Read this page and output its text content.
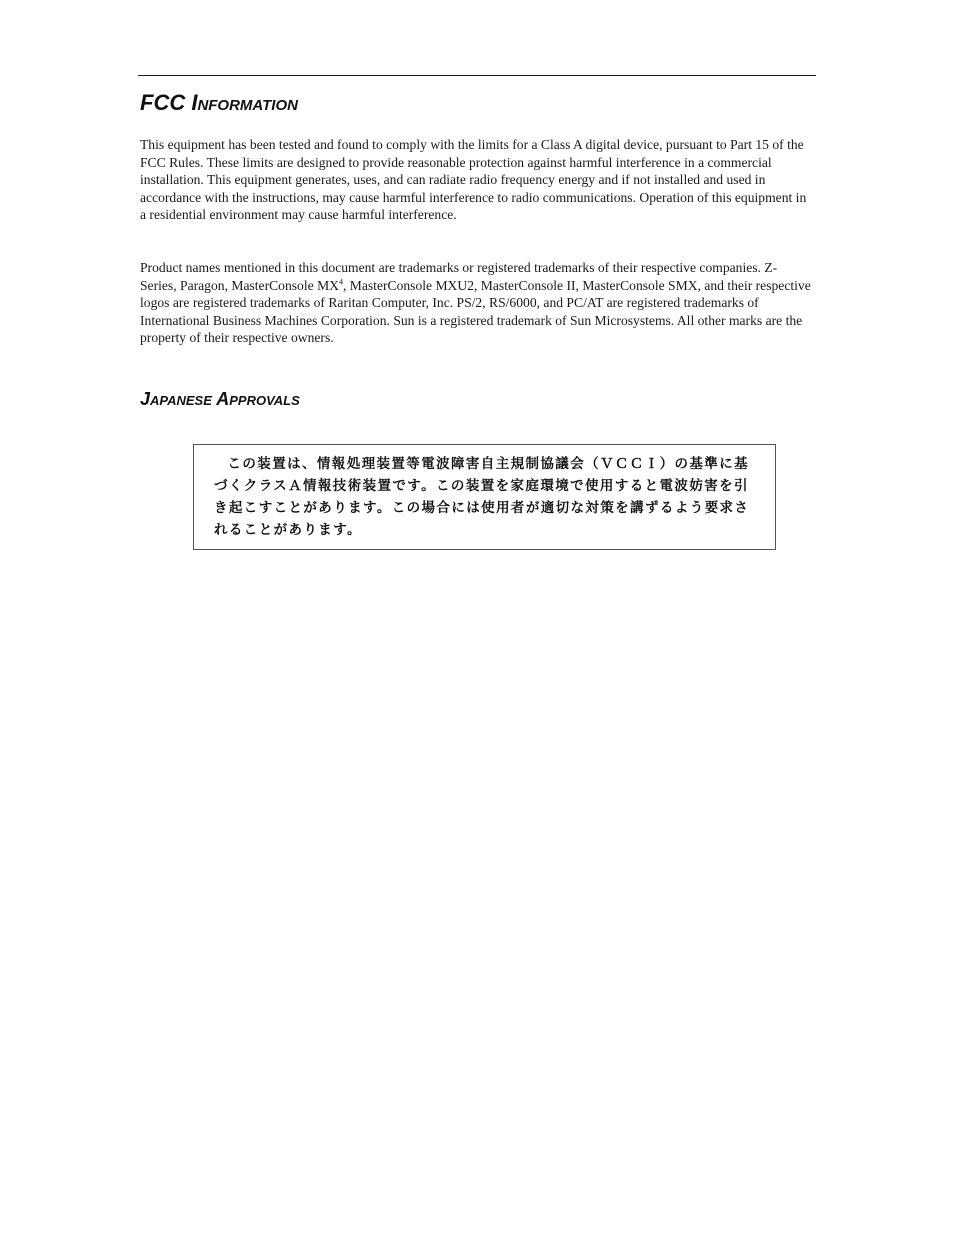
FCC Information

This equipment has been tested and found to comply with the limits for a Class A digital device, pursuant to Part 15 of the FCC Rules. These limits are designed to provide reasonable protection against harmful interference in a commercial installation. This equipment generates, uses, and can radiate radio frequency energy and if not installed and used in accordance with the instructions, may cause harmful interference to radio communications. Operation of this equipment in a residential environment may cause harmful interference.

Product names mentioned in this document are trademarks or registered trademarks of their respective companies. Z-Series, Paragon, MasterConsole $MX^4$, MasterConsole MXU2, MasterConsole II, MasterConsole SMX, and their respective logos are registered trademarks of Raritan Computer, Inc. PS/2, RS/6000, and PC/AT are registered trademarks of International Business Machines Corporation. Sun is a registered trademark of Sun Microsystems. All other marks are the property of their respective owners.

Japanese Approvals

この装置は、情報処理装置等電波障害自主規制協議会（ＶＣＣＩ）の基準に基づくクラスＡ情報技術装置です。この装置を家庭環境で使用すると電波妨害を引き起こすことがあります。この場合には使用者が適切な対策を講ずるよう要求されることがあります。
